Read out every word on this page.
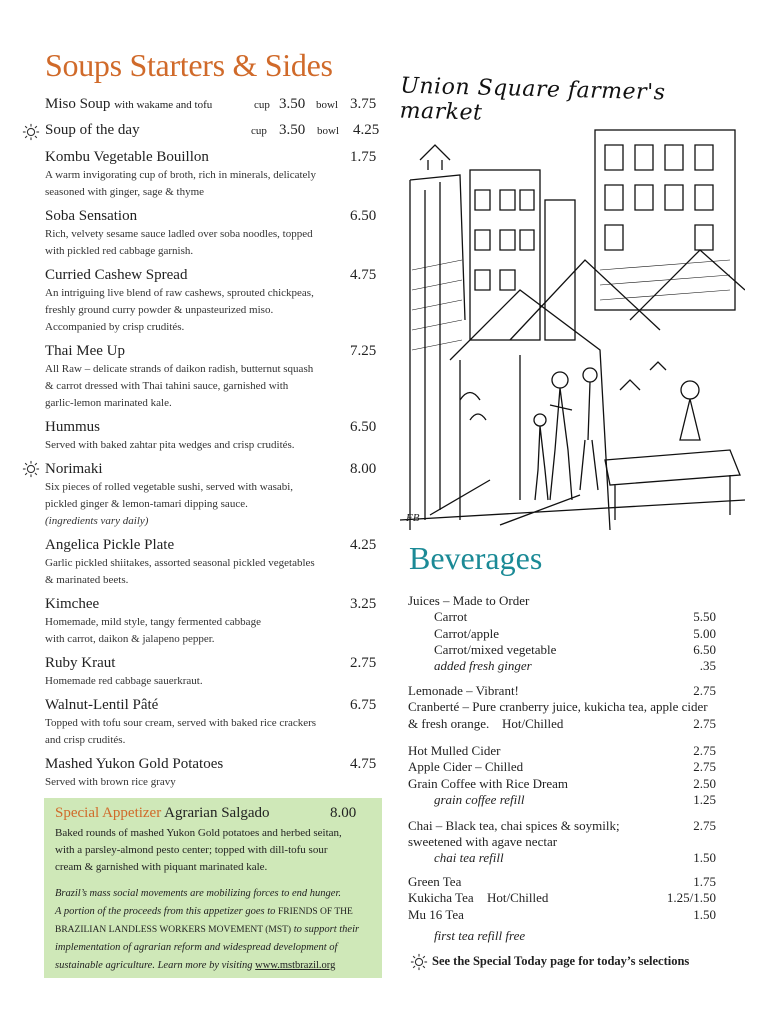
Soups Starters & Sides
Miso Soup with wakame and tofu	cup 3.50 bowl 3.75
Soup of the day	cup 3.50 bowl 4.25
Kombu Vegetable Bouillon	1.75
A warm invigorating cup of broth, rich in minerals, delicately
seasoned with ginger, sage & thyme
Soba Sensation	6.50
Rich, velvety sesame sauce ladled over soba noodles, topped
with pickled red cabbage garnish.
Curried Cashew Spread	4.75
An intriguing live blend of raw cashews, sprouted chickpeas,
freshly ground curry powder & unpasteurized miso.
Accompanied by crisp crudités.
Thai Mee Up	7.25
All Raw – delicate strands of daikon radish, butternut squash
& carrot dressed with Thai tahini sauce, garnished with
garlic-lemon marinated kale.
Hummus	6.50
Served with baked zahtar pita wedges and crisp crudités.
Norimaki	8.00
Six pieces of rolled vegetable sushi, served with wasabi,
pickled ginger & lemon-tamari dipping sauce.
(ingredients vary daily)
Angelica Pickle Plate	4.25
Garlic pickled shiitakes, assorted seasonal pickled vegetables
& marinated beets.
Kimchee	3.25
Homemade, mild style, tangy fermented cabbage
with carrot, daikon & jalapeno pepper.
Ruby Kraut	2.75
Homemade red cabbage sauerkraut.
Walnut-Lentil Pâté	6.75
Topped with tofu sour cream, served with baked rice crackers
and crisp crudités.
Mashed Yukon Gold Potatoes	4.75
Served with brown rice gravy
Special Appetizer Agrarian Salgado	8.00
Baked rounds of mashed Yukon Gold potatoes and herbed seitan,
with a parsley-almond pesto center; topped with dill-tofu sour
cream & garnished with piquant marinated kale.
Brazil’s mass social movements are mobilizing forces to end hunger.
A portion of the proceeds from this appetizer goes to FRIENDS OF THE
BRAZILIAN LANDLESS WORKERS MOVEMENT (MST) to support their
implementation of agrarian reform and widespread development of
sustainable agriculture. Learn more by visiting www.mstbrazil.org
Union Square farmer's market
FB
Beverages
Juices – Made to Order
Carrot	5.50
Carrot/apple	5.00
Carrot/mixed vegetable	6.50
added fresh ginger	.35
Lemonade – Vibrant!	2.75
Cranberté – Pure cranberry juice, kukicha tea, apple cider
& fresh orange. Hot/Chilled	2.75
Hot Mulled Cider	2.75
Apple Cider – Chilled	2.75
Grain Coffee with Rice Dream	2.50
grain coffee refill	1.25
Chai – Black tea, chai spices & soymilk;	2.75
sweetened with agave nectar
chai tea refill	1.50
Green Tea	1.75
Kukicha Tea Hot/Chilled	1.25/1.50
Mu 16 Tea	1.50
first tea refill free
See the Special Today page for today’s selections
